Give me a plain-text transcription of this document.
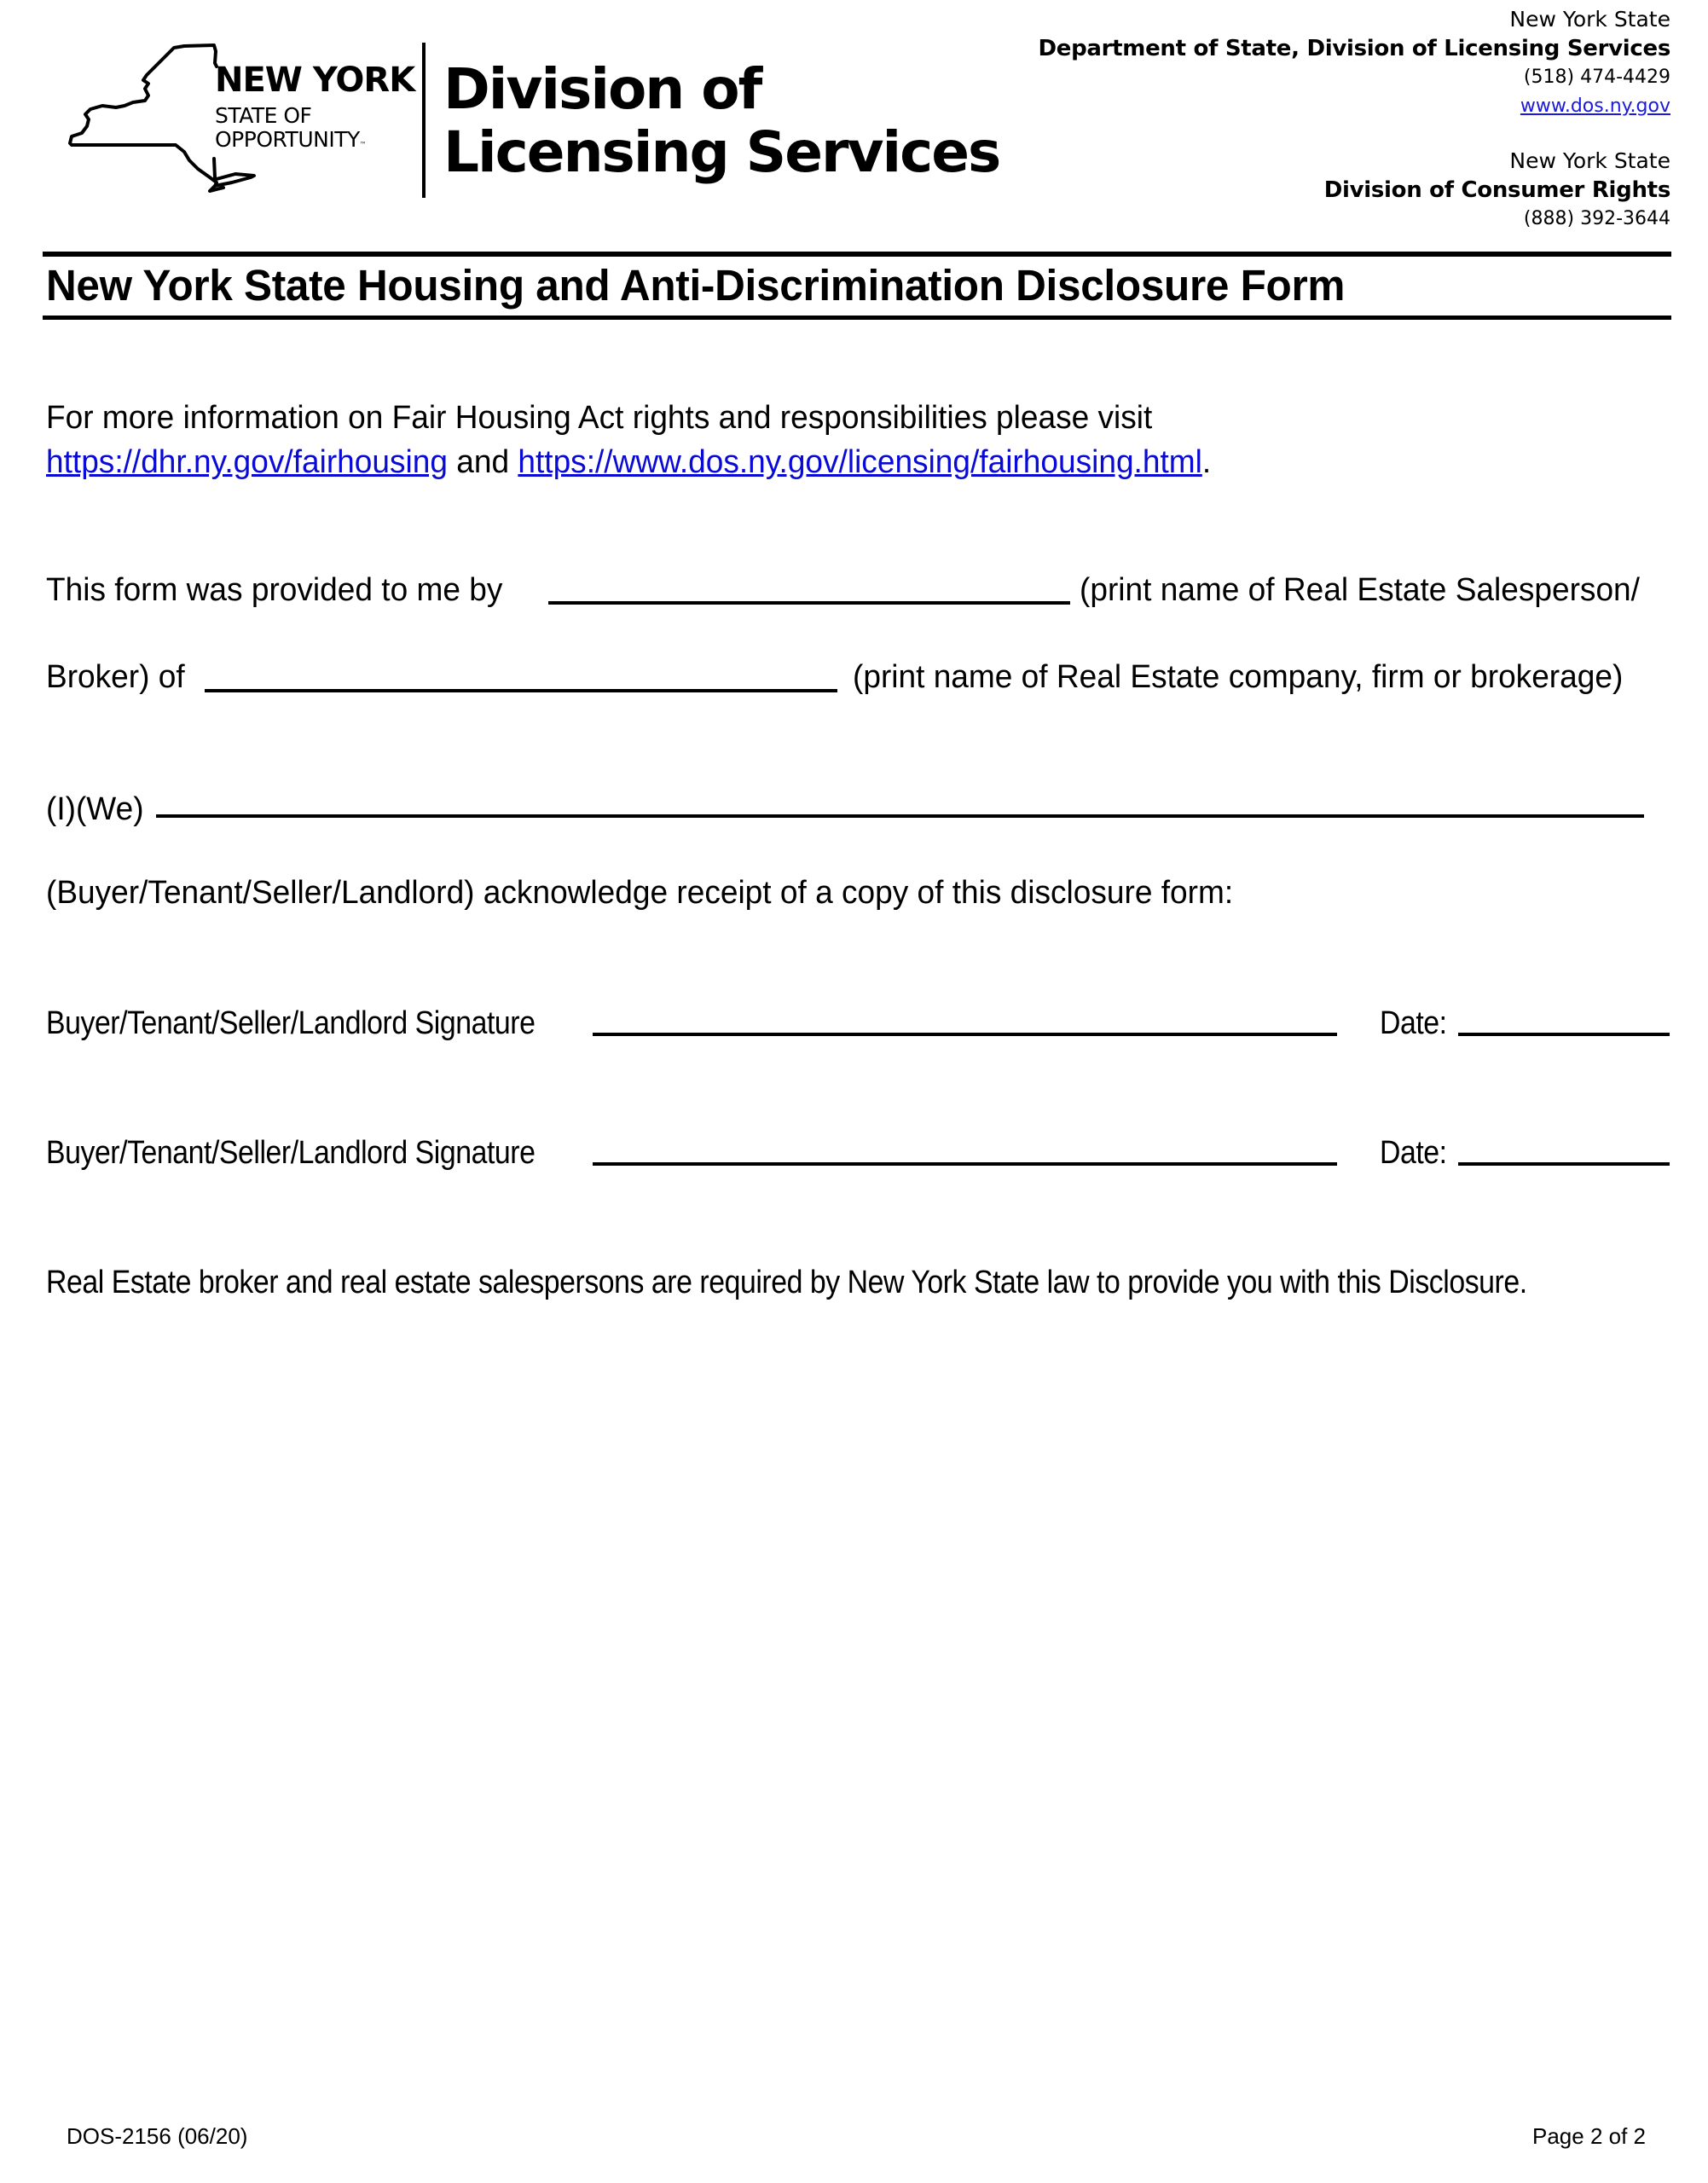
NEW YORK
STATE OF
OPPORTUNITY™
Division of
Licensing Services
New York State
Department of State, Division of Licensing Services
(518) 474-4429
www.dos.ny.gov
New York State
Division of Consumer Rights
(888) 392-3644
New York State Housing and Anti-Discrimination Disclosure Form
For more information on Fair Housing Act rights and responsibilities please visit
https://dhr.ny.gov/fairhousing and https://www.dos.ny.gov/licensing/fairhousing.html.
This form was provided to me by	(print name of Real Estate Salesperson/
Broker) of	(print name of Real Estate company, firm or brokerage)
(I)(We)
(Buyer/Tenant/Seller/Landlord) acknowledge receipt of a copy of this disclosure form:
Buyer/Tenant/Seller/Landlord Signature	Date:
Buyer/Tenant/Seller/Landlord Signature	Date:
Real Estate broker and real estate salespersons are required by New York State law to provide you with this Disclosure.
DOS-2156 (06/20)	Page 2 of 2
